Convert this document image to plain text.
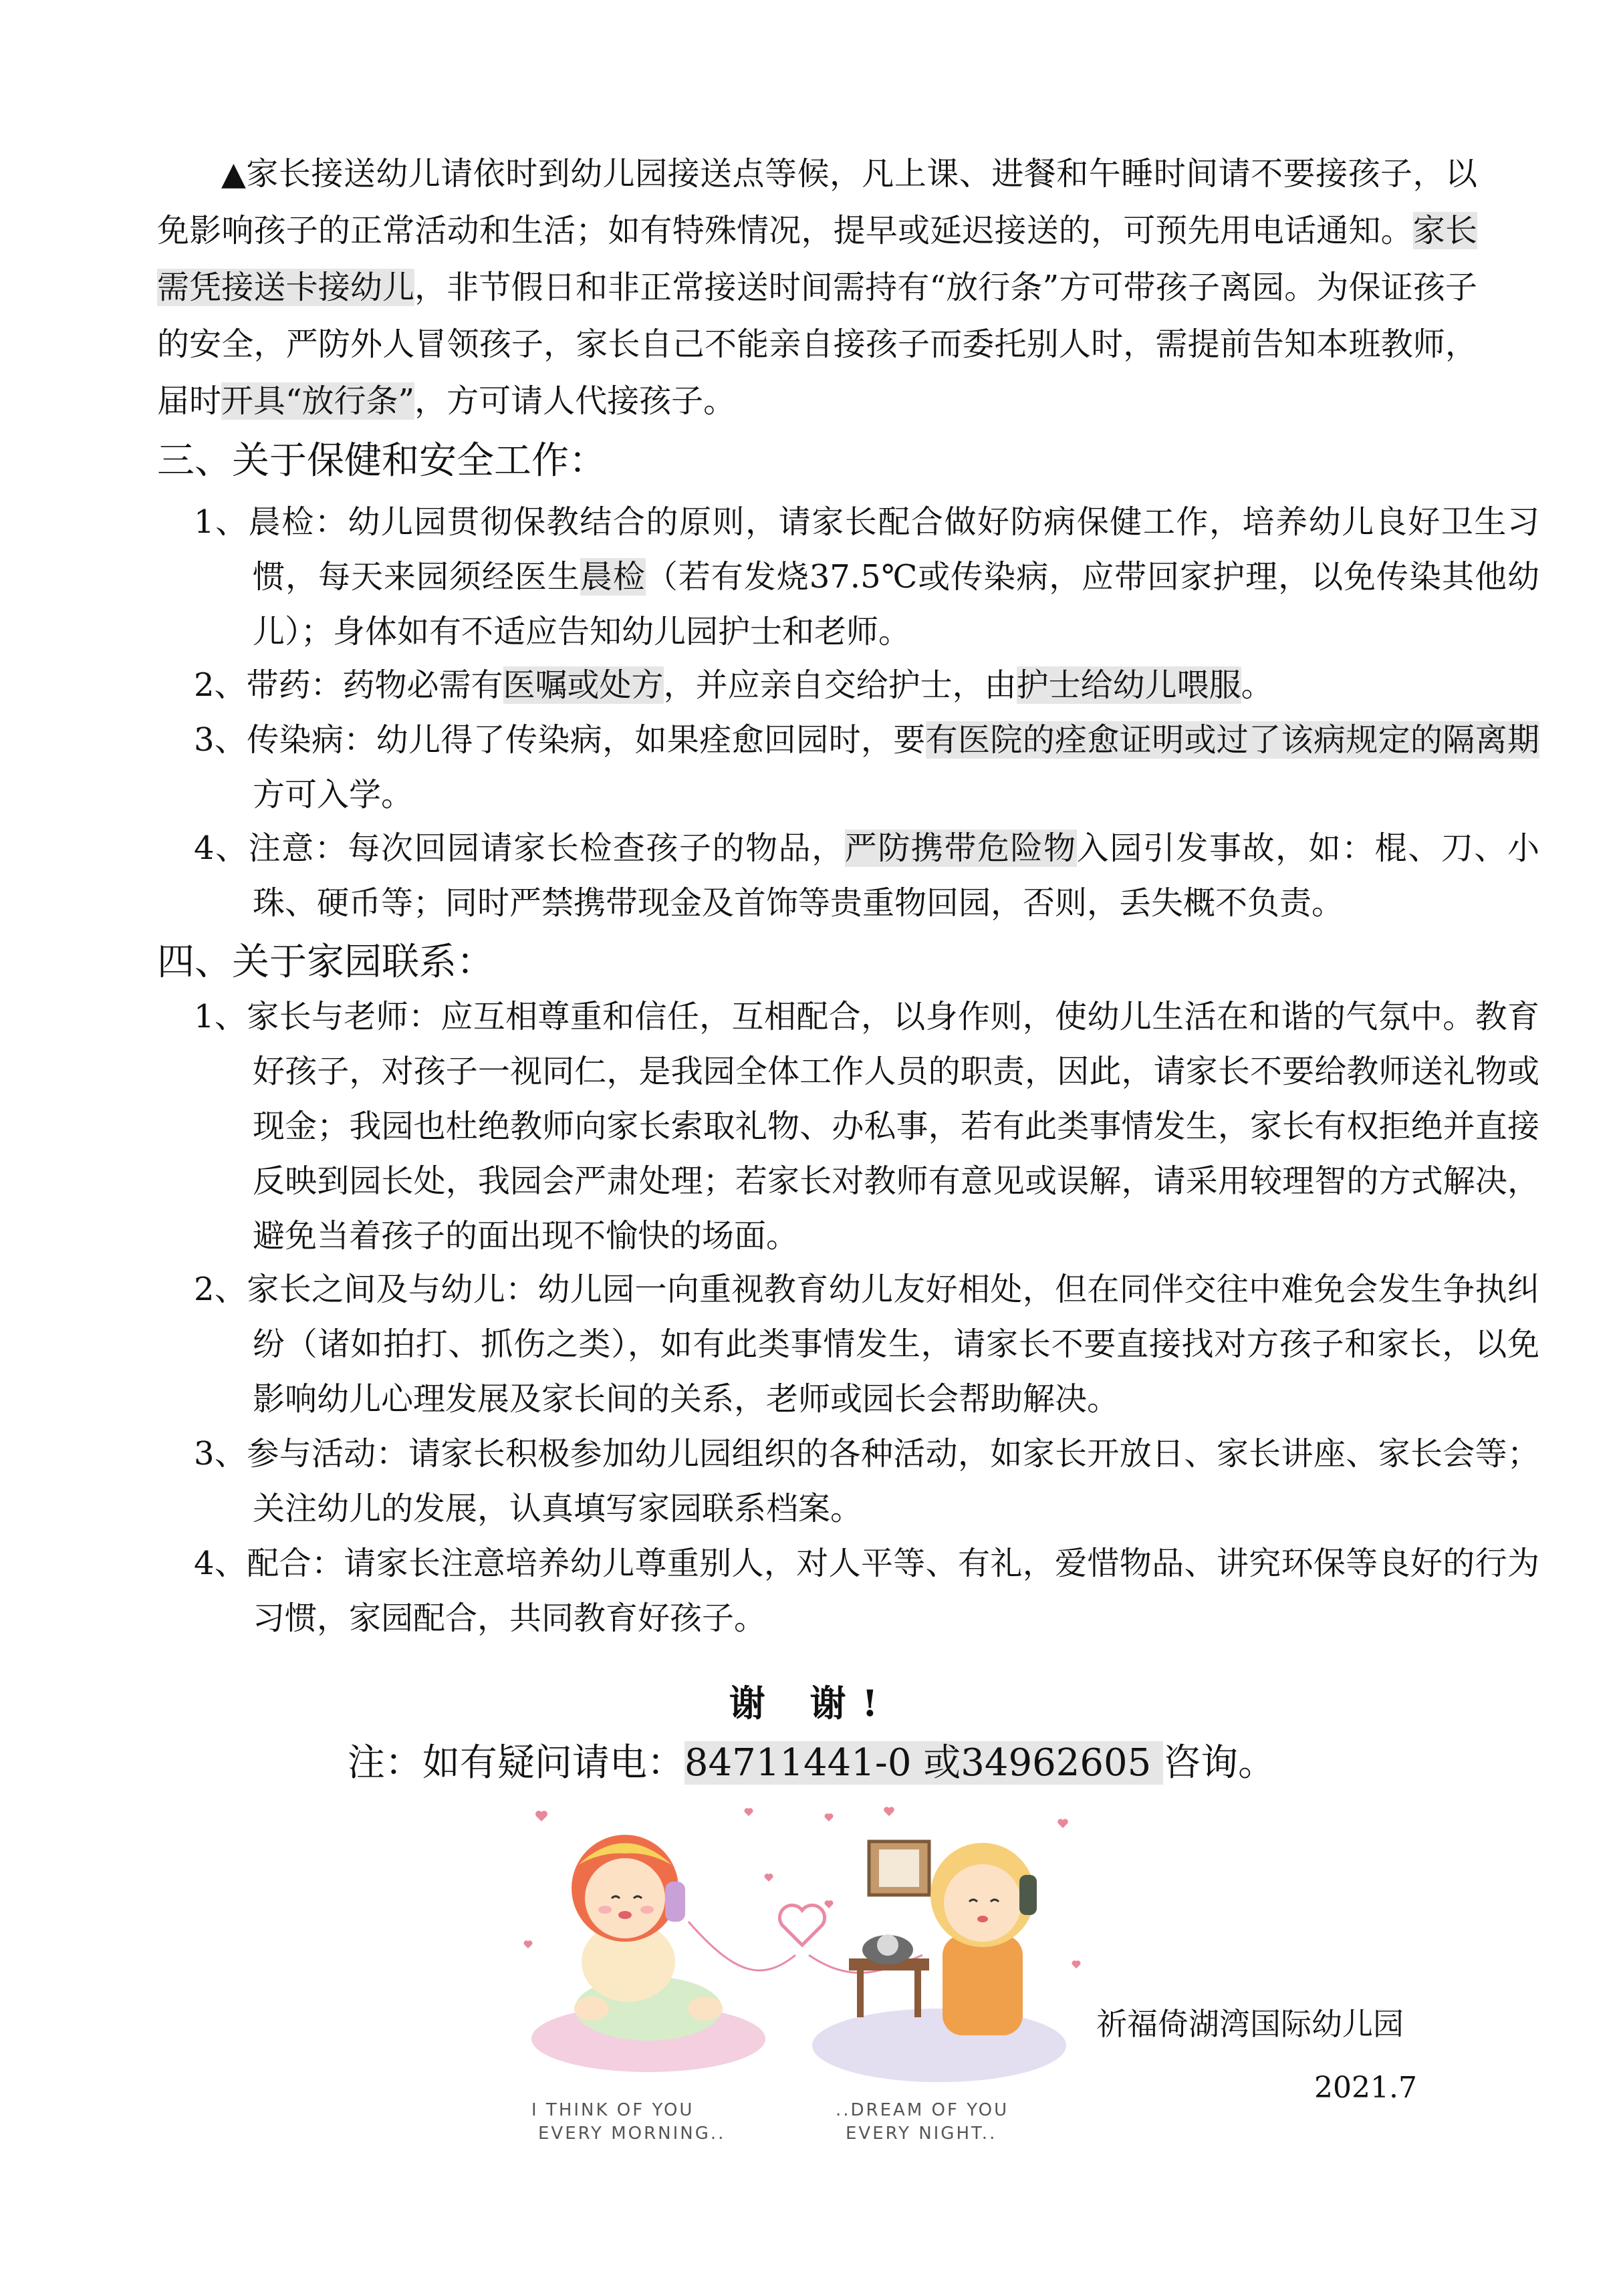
▲家长接送幼儿请依时到幼儿园接送点等候，凡上课、进餐和午睡时间请不要接孩子，以免影响孩子的正常活动和生活；如有特殊情况，提早或延迟接送的，可预先用电话通知。家长需凭接送卡接幼儿，非节假日和非正常接送时间需持有“放行条”方可带孩子离园。为保证孩子的安全，严防外人冒领孩子，家长自己不能亲自接孩子而委托别人时，需提前告知本班教师，届时开具“放行条”，方可请人代接孩子。

三、关于保健和安全工作：

1、晨检：幼儿园贯彻保教结合的原则，请家长配合做好防病保健工作，培养幼儿良好卫生习惯，每天来园须经医生晨检（若有发烧37.5℃或传染病，应带回家护理，以免传染其他幼儿）；身体如有不适应告知幼儿园护士和老师。

2、带药：药物必需有医嘱或处方，并应亲自交给护士，由护士给幼儿喂服。

3、传染病：幼儿得了传染病，如果痊愈回园时，要有医院的痊愈证明或过了该病规定的隔离期方可入学。

4、注意：每次回园请家长检查孩子的物品，严防携带危险物入园引发事故，如：棍、刀、小珠、硬币等；同时严禁携带现金及首饰等贵重物回园，否则，丢失概不负责。

四、关于家园联系：

1、家长与老师：应互相尊重和信任，互相配合，以身作则，使幼儿生活在和谐的气氛中。教育好孩子，对孩子一视同仁，是我园全体工作人员的职责，因此，请家长不要给教师送礼物或现金；我园也杜绝教师向家长索取礼物、办私事，若有此类事情发生，家长有权拒绝并直接反映到园长处，我园会严肃处理；若家长对教师有意见或误解，请采用较理智的方式解决，避免当着孩子的面出现不愉快的场面。

2、家长之间及与幼儿：幼儿园一向重视教育幼儿友好相处，但在同伴交往中难免会发生争执纠纷（诸如拍打、抓伤之类），如有此类事情发生，请家长不要直接找对方孩子和家长，以免影响幼儿心理发展及家长间的关系，老师或园长会帮助解决。

3、参与活动：请家长积极参加幼儿园组织的各种活动，如家长开放日、家长讲座、家长会等；关注幼儿的发展，认真填写家园联系档案。

4、配合：请家长注意培养幼儿尊重别人，对人平等、有礼，爱惜物品、讲究环保等良好的行为习惯，家园配合，共同教育好孩子。

谢 谢!
注：如有疑问请电：84711441-0 或34962605 咨询。
I THINK OF YOU
EVERY MORNING..
..DREAM OF YOU
EVERY NIGHT..
祈福倚湖湾国际幼儿园
2021.7
